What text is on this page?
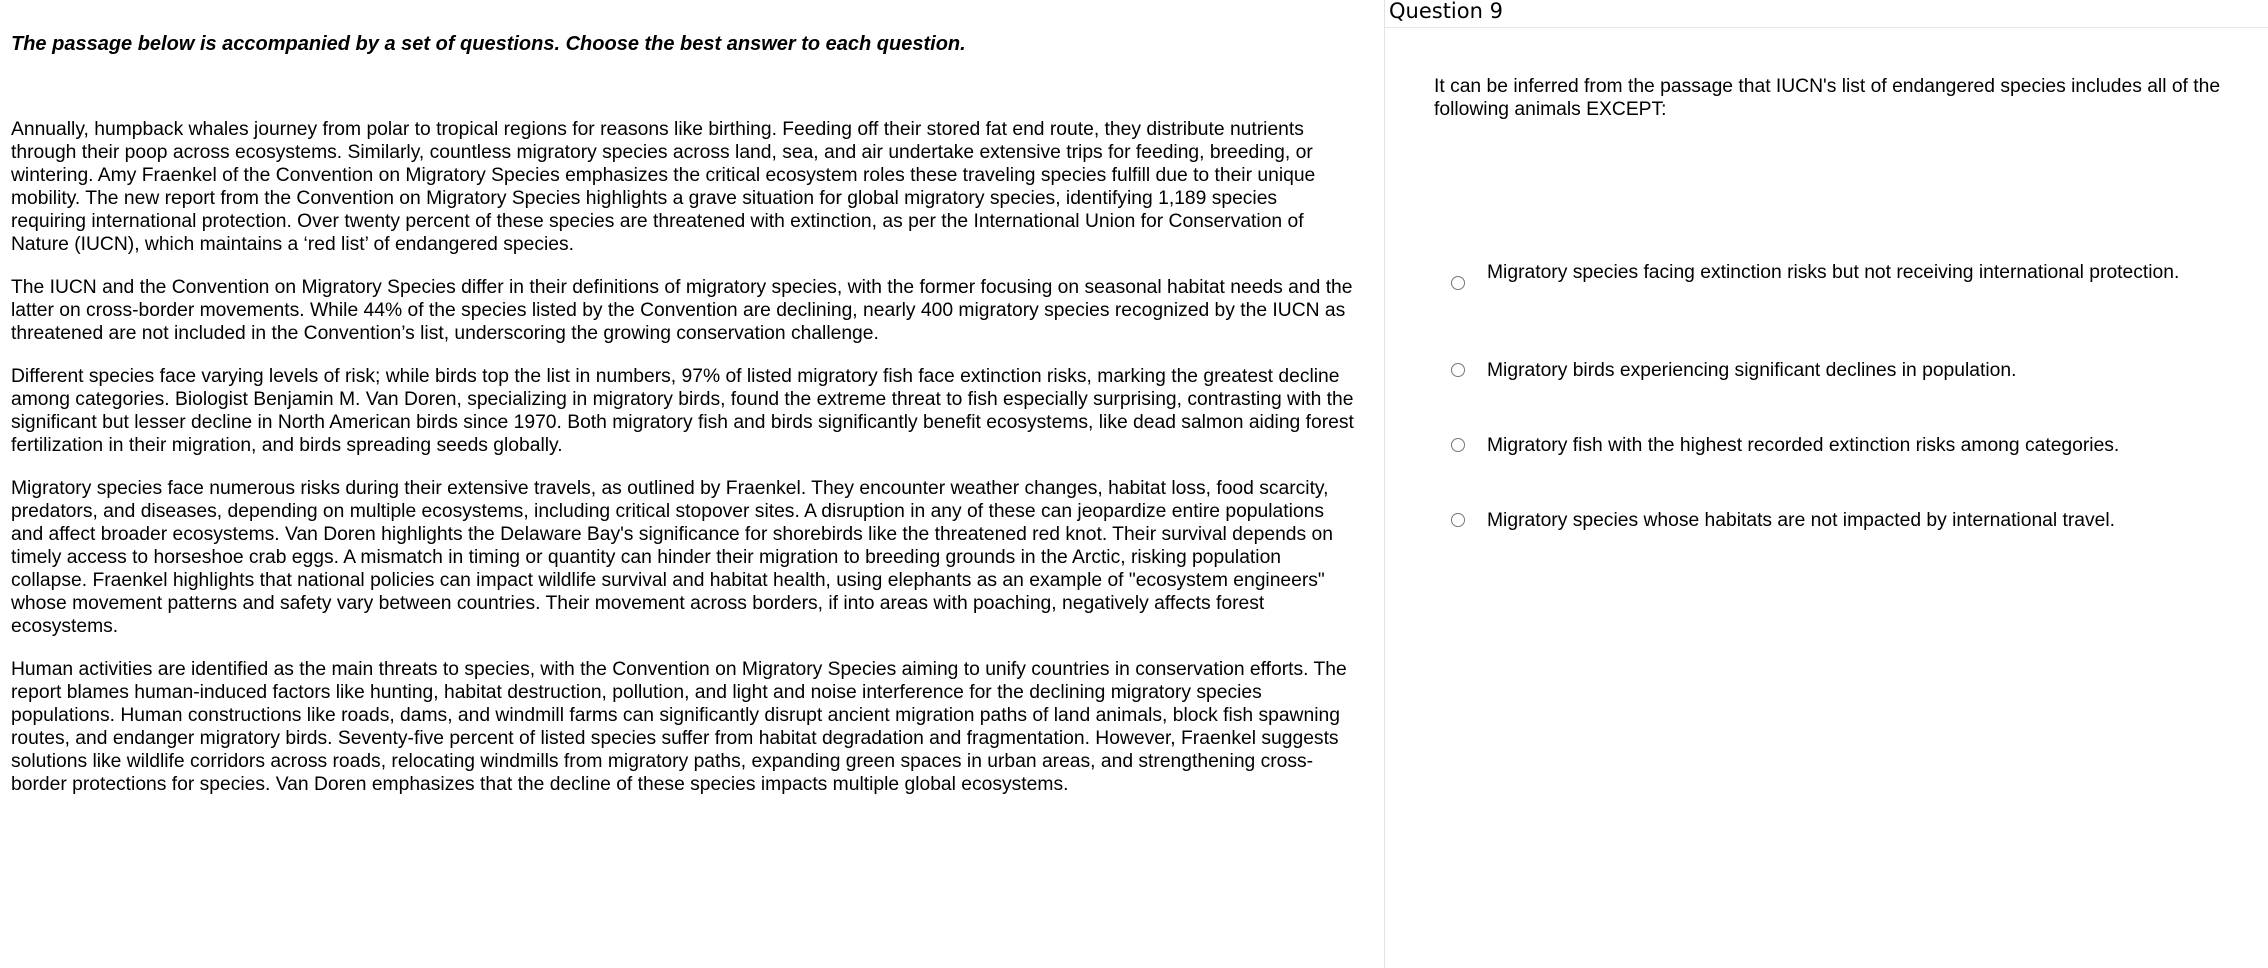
The passage below is accompanied by a set of questions. Choose the best answer to each question.

Annually, humpback whales journey from polar to tropical regions for reasons like birthing. Feeding off their stored fat end route, they distribute nutrients through their poop across ecosystems. Similarly, countless migratory species across land, sea, and air undertake extensive trips for feeding, breeding, or wintering. Amy Fraenkel of the Convention on Migratory Species emphasizes the critical ecosystem roles these traveling species fulfill due to their unique mobility. The new report from the Convention on Migratory Species highlights a grave situation for global migratory species, identifying 1,189 species requiring international protection. Over twenty percent of these species are threatened with extinction, as per the International Union for Conservation of Nature (IUCN), which maintains a ‘red list’ of endangered species.

The IUCN and the Convention on Migratory Species differ in their definitions of migratory species, with the former focusing on seasonal habitat needs and the latter on cross-border movements. While 44% of the species listed by the Convention are declining, nearly 400 migratory species recognized by the IUCN as threatened are not included in the Convention’s list, underscoring the growing conservation challenge.

Different species face varying levels of risk; while birds top the list in numbers, 97% of listed migratory fish face extinction risks, marking the greatest decline among categories. Biologist Benjamin M. Van Doren, specializing in migratory birds, found the extreme threat to fish especially surprising, contrasting with the significant but lesser decline in North American birds since 1970. Both migratory fish and birds significantly benefit ecosystems, like dead salmon aiding forest fertilization in their migration, and birds spreading seeds globally.

Migratory species face numerous risks during their extensive travels, as outlined by Fraenkel. They encounter weather changes, habitat loss, food scarcity, predators, and diseases, depending on multiple ecosystems, including critical stopover sites. A disruption in any of these can jeopardize entire populations and affect broader ecosystems. Van Doren highlights the Delaware Bay's significance for shorebirds like the threatened red knot. Their survival depends on timely access to horseshoe crab eggs. A mismatch in timing or quantity can hinder their migration to breeding grounds in the Arctic, risking population collapse. Fraenkel highlights that national policies can impact wildlife survival and habitat health, using elephants as an example of "ecosystem engineers" whose movement patterns and safety vary between countries. Their movement across borders, if into areas with poaching, negatively affects forest ecosystems.

Human activities are identified as the main threats to species, with the Convention on Migratory Species aiming to unify countries in conservation efforts. The report blames human-induced factors like hunting, habitat destruction, pollution, and light and noise interference for the declining migratory species populations. Human constructions like roads, dams, and windmill farms can significantly disrupt ancient migration paths of land animals, block fish spawning routes, and endanger migratory birds. Seventy-five percent of listed species suffer from habitat degradation and fragmentation. However, Fraenkel suggests solutions like wildlife corridors across roads, relocating windmills from migratory paths, expanding green spaces in urban areas, and strengthening cross-border protections for species. Van Doren emphasizes that the decline of these species impacts multiple global ecosystems.

Question 9

It can be inferred from the passage that IUCN's list of endangered species includes all of the following animals EXCEPT:

Migratory species facing extinction risks but not receiving international protection.
Migratory birds experiencing significant declines in population.
Migratory fish with the highest recorded extinction risks among categories.
Migratory species whose habitats are not impacted by international travel.
